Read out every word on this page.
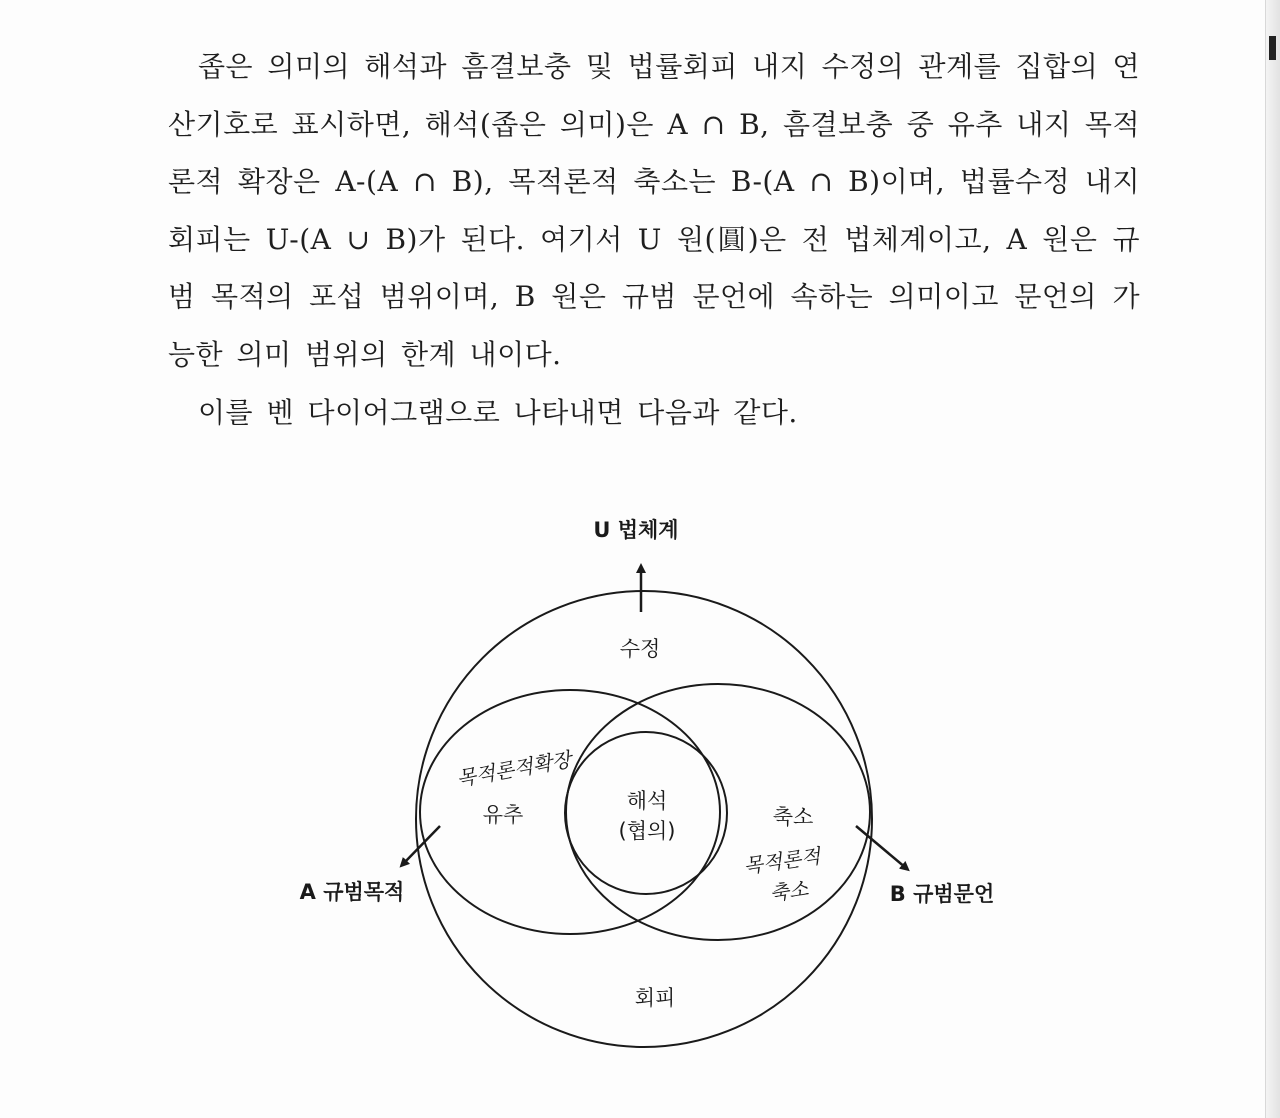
좁은 의미의 해석과 흠결보충 및 법률회피 내지 수정의 관계를 집합의 연산기호로 표시하면, 해석(좁은 의미)은 A ∩ B, 흠결보충 중 유추 내지 목적론적 확장은 A-(A ∩ B), 목적론적 축소는 B-(A ∩ B)이며, 법률수정 내지 회피는 U-(A ∪ B)가 된다. 여기서 U 원(圓)은 전 법체계이고, A 원은 규범 목적의 포섭 범위이며, B 원은 규범 문언에 속하는 의미이고 문언의 가능한 의미 범위의 한계 내이다.

이를 벤 다이어그램으로 나타내면 다음과 같다.

U 법체계
수정
유추
해석
(협의)
축소
회피
A 규범목적	B 규범문언
목적론적확장
목적론적
축소
